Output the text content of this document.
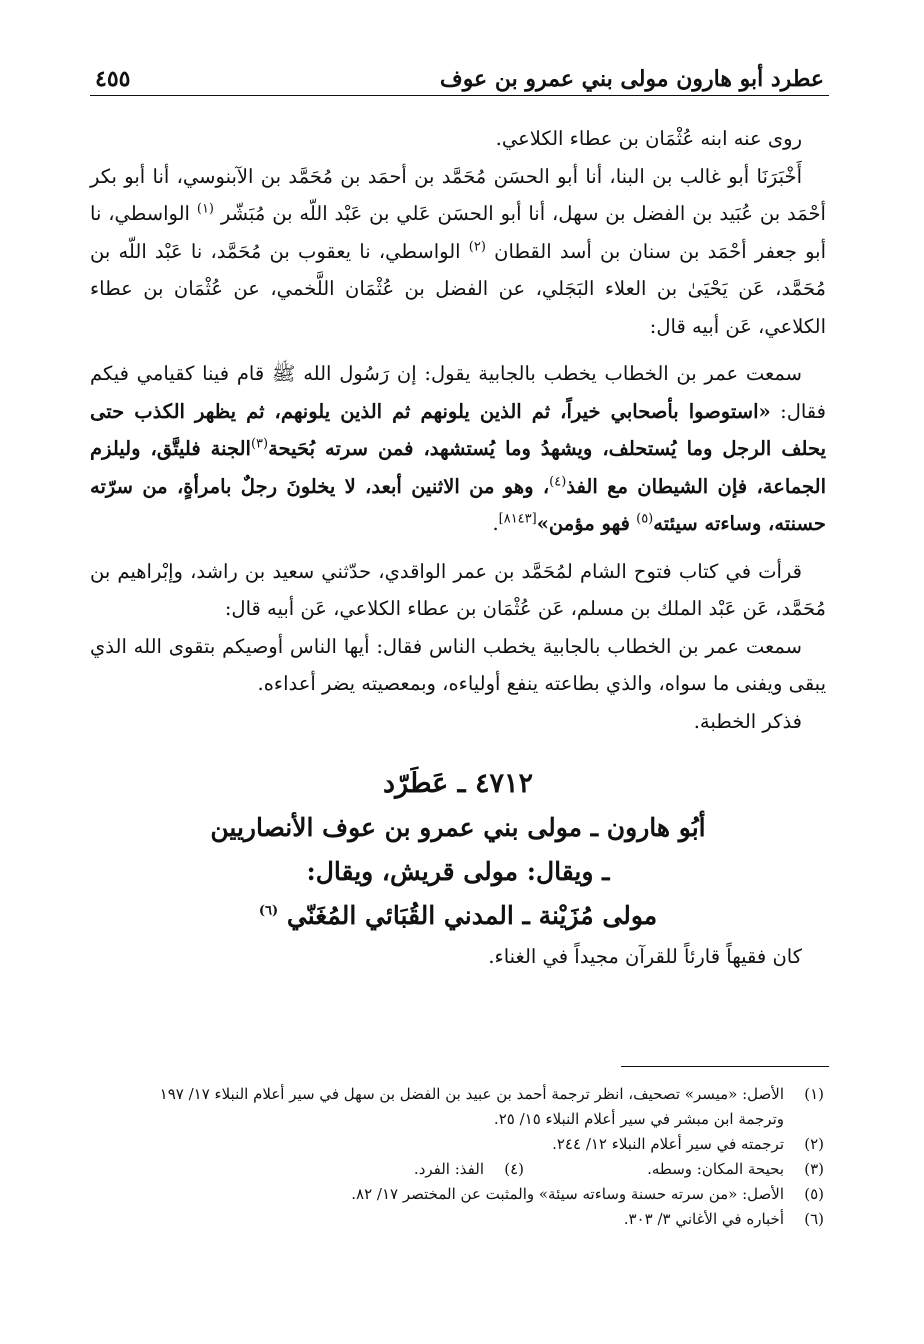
عطرد أبو هارون مولى بني عمرو بن عوف
٤٥٥

روى عنه ابنه عُثْمَان بن عطاء الكلاعي.

أَخْبَرَنَا أبو غالب بن البنا، أنا أبو الحسَن مُحَمَّد بن أحمَد بن مُحَمَّد بن الآبنوسي، أنا أبو بكر أحْمَد بن عُبَيد بن الفضل بن سهل، أنا أبو الحسَن عَلي بن عَبْد اللّه بن مُبَشّر $^{(١)}$ الواسطي، نا أبو جعفر أحْمَد بن سنان بن أسد القطان $^{(٢)}$ الواسطي، نا يعقوب بن مُحَمَّد، نا عَبْد اللّه بن مُحَمَّد، عَن يَحْيَىٰ بن العلاء البَجَلي، عن الفضل بن عُثْمَان اللَّخمي، عن عُثْمَان بن عطاء الكلاعي، عَن أبيه قال:

سمعت عمر بن الخطاب يخطب بالجابية يقول: إن رَسُول الله ﷺ قام فينا كقيامي فيكم فقال: «استوصوا بأصحابي خيراً، ثم الذين يلونهم ثم الذين يلونهم، ثم يظهر الكذب حتى يحلف الرجل وما يُستحلف، ويشهدُ وما يُستشهد، فمن سرته بُحَيحة$^{(٣)}$الجنة فليتَّق، وليلزم الجماعة، فإن الشيطان مع الفذ$^{(٤)}$، وهو من الاثنين أبعد، لا يخلونَ رجلٌ بامرأةٍ، من سرّته حسنته، وساءته سيئته$^{(٥)}$ فهو مؤمن»[٨١٤٣].

قرأت في كتاب فتوح الشام لمُحَمَّد بن عمر الواقدي، حدّثني سعيد بن راشد، وإبْراهيم بن مُحَمَّد، عَن عَبْد الملك بن مسلم، عَن عُثْمَان بن عطاء الكلاعي، عَن أبيه قال:

سمعت عمر بن الخطاب بالجابية يخطب الناس فقال: أيها الناس أوصيكم بتقوى الله الذي يبقى ويفنى ما سواه، والذي بطاعته ينفع أولياءه، وبمعصيته يضر أعداءه.

فذكر الخطبة.

٤٧١٢ ـ عَطَرّد
أبُو هارون ـ مولى بني عمرو بن عوف الأنصاريين
ـ ويقال: مولى قريش، ويقال:
مولى مُزَيْنة ـ المدني القُبَائي المُغَنّي $^{(٦)}$

كان فقيهاً قارئاً للقرآن مجيداً في الغناء.

(١)
الأصل: «ميسر» تصحيف، انظر ترجمة أحمد بن عبيد بن الفضل بن سهل في سير أعلام النبلاء ١٧/ ١٩٧
وترجمة ابن مبشر في سير أعلام النبلاء ١٥/ ٢٥.
(٢)
ترجمته في سير أعلام النبلاء ١٢/ ٢٤٤.
(٣)
بحيحة المكان: وسطه.
(٤)
الفذ: الفرد.
(٥)
الأصل: «من سرته حسنة وساءته سيئة» والمثبت عن المختصر ١٧/ ٨٢.
(٦)
أخباره في الأغاني ٣/ ٣٠٣.
